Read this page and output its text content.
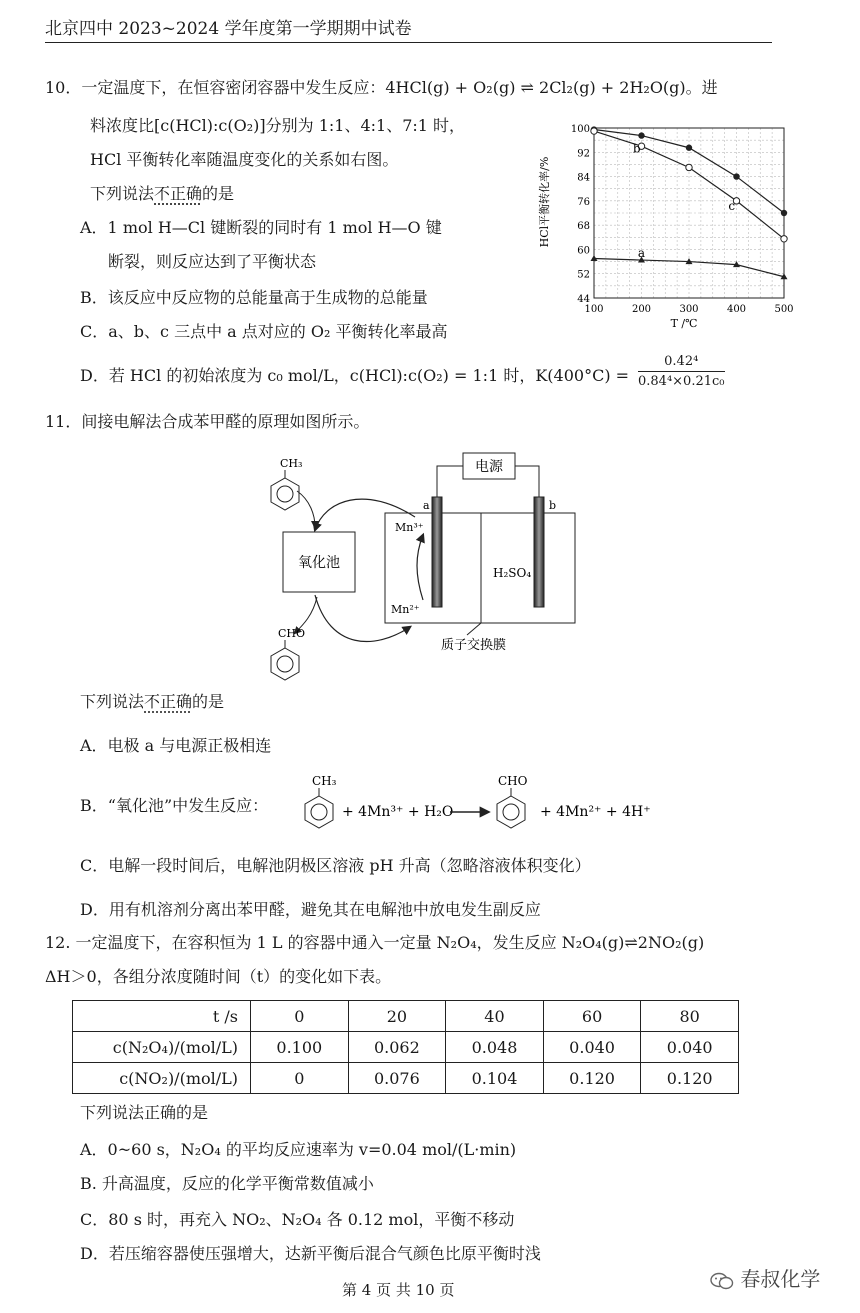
北京四中 2023~2024 学年度第一学期期中试卷
10．一定温度下，在恒容密闭容器中发生反应：4HCl(g) + O₂(g) ⇌ 2Cl₂(g) + 2H₂O(g)。进
料浓度比[c(HCl):c(O₂)]分别为 1:1、4:1、7:1 时，
HCl 平衡转化率随温度变化的关系如右图。
下列说法不正确的是
A．1 mol H—Cl 键断裂的同时有 1 mol H—O 键
断裂，则反应达到了平衡状态
B．该反应中反应物的总能量高于生成物的总能量
C．a、b、c 三点中 a 点对应的 O₂ 平衡转化率最高
D．若 HCl 的初始浓度为 c₀ mol/L，c(HCl):c(O₂) = 1:1 时，$K(400^\circ C) = \frac{\text{0.42⁴}}{\text{0.84⁴×0.21c₀}}$
100	200	300	400	500
44
52
60
68
76
84
92
100
a
b
c
HCl平衡转化率/%
T /℃
11．间接电解法合成苯甲醛的原理如图所示。
CH₃
氧化池
CHO
电源
a	b
Mn³⁺
Mn²⁺
H₂SO₄
质子交换膜
下列说法不正确的是
A．电极 a 与电源正极相连
B．“氧化池”中发生反应：
CH₃
+ 4Mn³⁺ + H₂O
CHO
+ 4Mn²⁺ + 4H⁺
C．电解一段时间后，电解池阴极区溶液 pH 升高（忽略溶液体积变化）
D．用有机溶剂分离出苯甲醛，避免其在电解池中放电发生副反应
12. 一定温度下，在容积恒为 1 L 的容器中通入一定量 N₂O₄，发生反应 N₂O₄(g)⇌2NO₂(g)
ΔH＞0，各组分浓度随时间（t）的变化如下表。
t /s	0	20	40	60	80
c(N₂O₄)/(mol/L)	0.100	0.062	0.048	0.040	0.040
c(NO₂)/(mol/L)	0	0.076	0.104	0.120	0.120
下列说法正确的是
A．0~60 s，N₂O₄ 的平均反应速率为 v=0.04 mol/(L·min)
B. 升高温度，反应的化学平衡常数值减小
C．80 s 时，再充入 NO₂、N₂O₄ 各 0.12 mol，平衡不移动
D．若压缩容器使压强增大，达新平衡后混合气颜色比原平衡时浅
第 4 页 共 10 页	春叔化学
